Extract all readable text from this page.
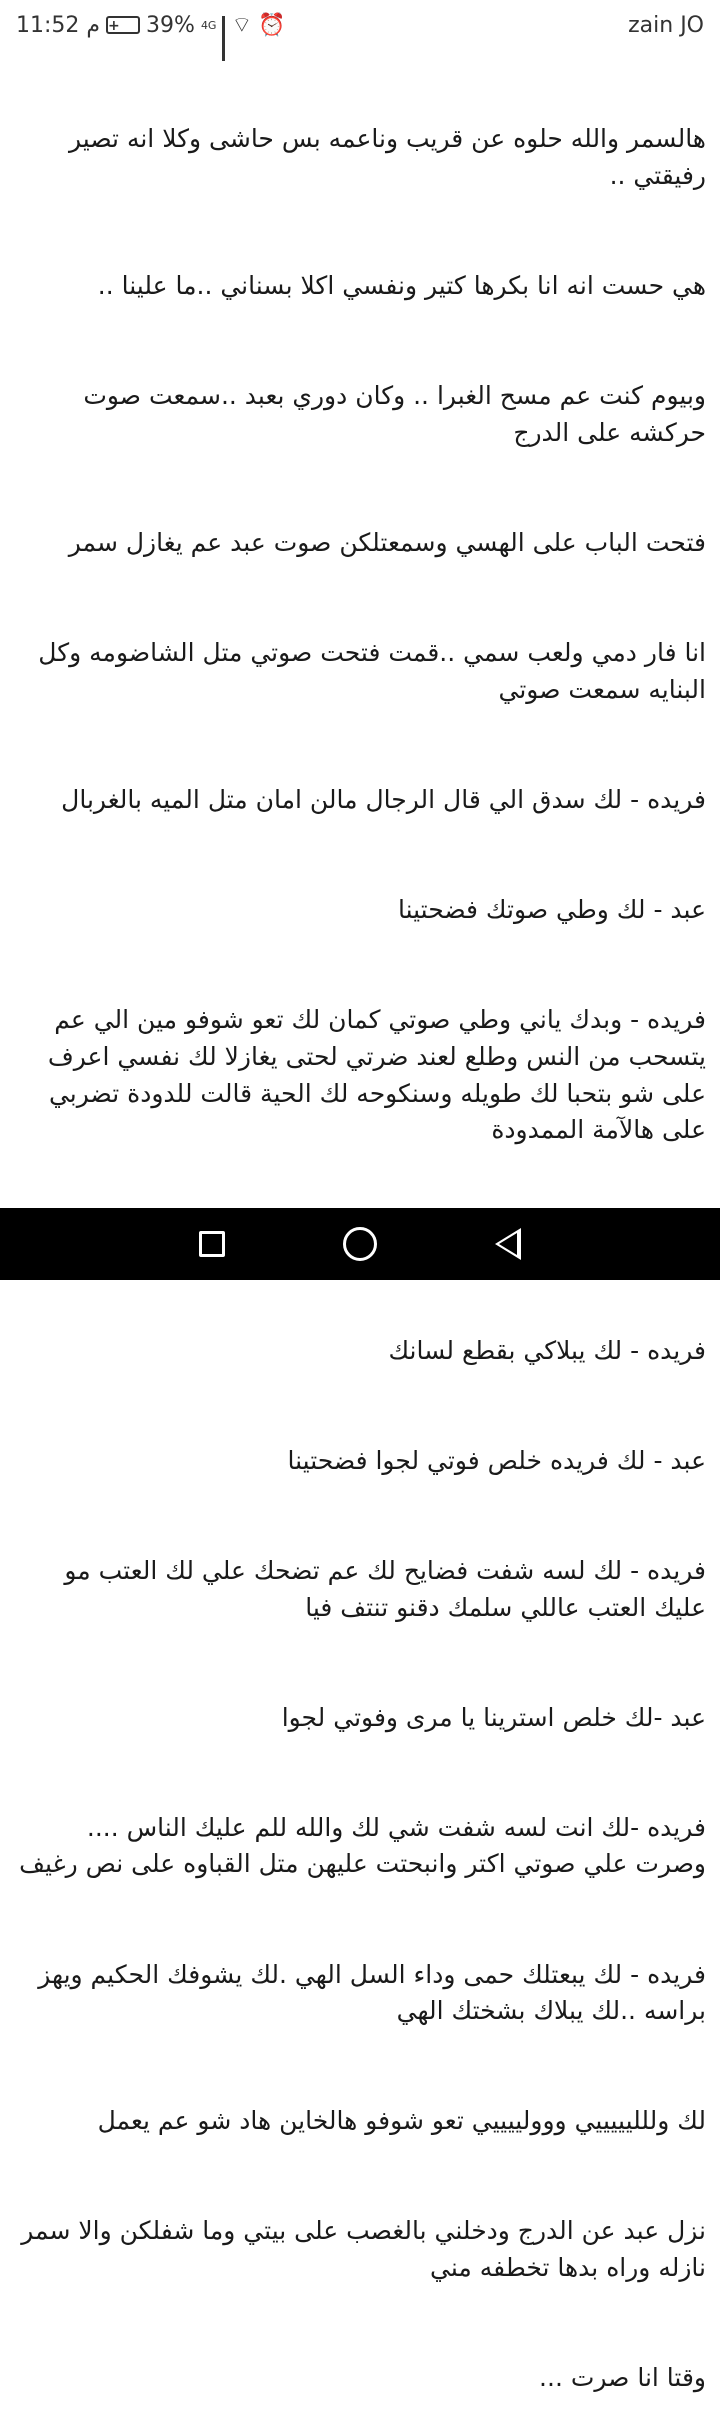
11:52 م +	39% 4G ⌔ ⏰	zain JO

هالسمر والله حلوه عن قريب وناعمه بس حاشى وكلا انه تصير رفيقتي ..

هي حست انه انا بكرها كتير ونفسي اكلا بسناني ..ما علينا ..

وبيوم كنت عم مسح الغبرا .. وكان دوري بعبد ..سمعت صوت حركشه على الدرج

فتحت الباب على الهسي وسمعتلكن صوت عبد عم يغازل سمر

انا فار دمي ولعب سمي ..قمت فتحت صوتي متل الشاضومه وكل البنايه سمعت صوتي

فريده - لك سدق الي قال الرجال مالن امان متل الميه بالغربال

عبد - لك وطي صوتك فضحتينا

فريده - وبدك ياني وطي صوتي كمان لك تعو شوفو مين الي عم يتسحب من النس وطلع لعند ضرتي لحتى يغازلا لك نفسي اعرف على شو بتحبا لك طويله وسنكوحه لك الحية قالت للدودة تضربي على هالآمة الممدودة

فريده - لك يبلاكي بقطع لسانك

عبد - لك فريده خلص فوتي لجوا فضحتينا

فريده - لك لسه شفت فضايح لك عم تضحك علي لك العتب مو عليك العتب عاللي سلمك دقنو تنتف فيا

عبد -لك خلص استرينا يا مرى وفوتي لجوا

فريده -لك انت لسه شفت شي لك والله للم عليك الناس .... وصرت علي صوتي اكتر وانبحتت عليهن متل القباوه على نص رغيف

فريده - لك يبعتلك حمى وداء السل الهي .لك يشوفك الحكيم ويهز براسه ..لك يبلاك بشختك الهي

لك وللليييييي ووولييييي تعو شوفو هالخاين هاد شو عم يعمل

نزل عبد عن الدرج ودخلني بالغصب على بيتي وما شفلكن والا سمر نازله وراه بدها تخطفه مني

وقتا انا صرت ...
